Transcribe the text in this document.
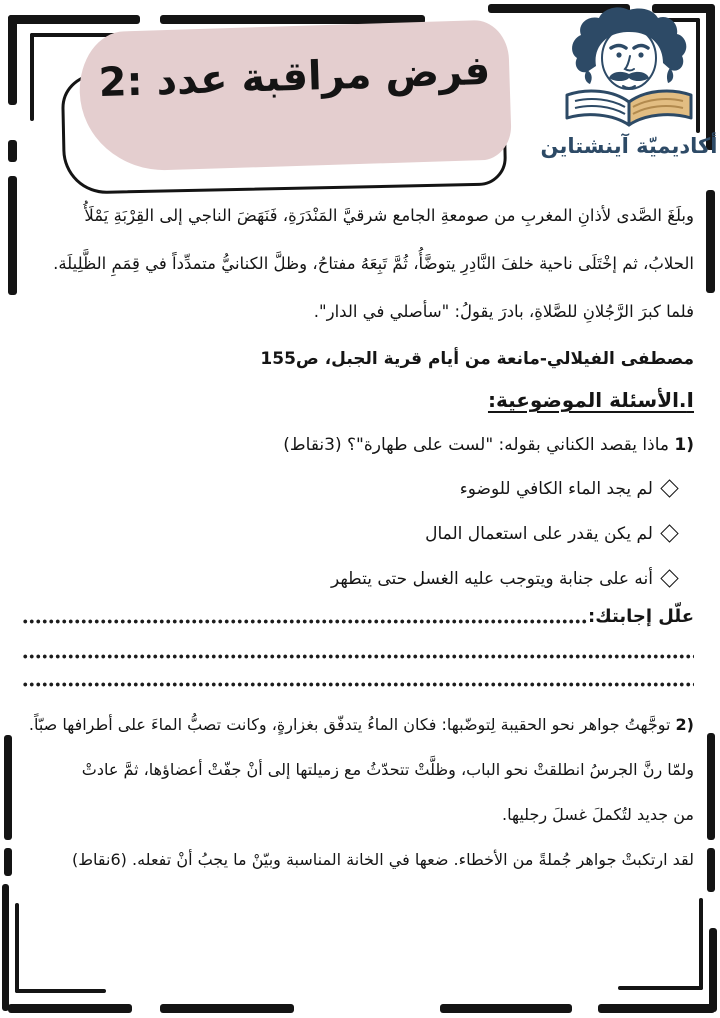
فرض مراقبة عدد :2
أكاديميّة آينشتاين
وبلَغَ الصَّدى لأذانِ المغربِ من صومعةِ الجامع شرقيَّ المَنْدَرَةِ، فَنَهَضَ الناجي إلى القِرْبَةِ يَمْلَأُ
الحلابُ، ثم إخْتَلَى ناحية خلفَ النَّادِرِ يتوضَّأُ، ثُمَّ تَبِعَهُ مفتاحُ، وظلَّ الكنانيُّ متمدِّداً في قِمَمِ الظَّلِيلَة.
فلما كبرَ الرَّجُلانِ للصَّلاةِ، بادرَ يقولُ: "سأصلي في الدار".
مصطفى الفيلالي-مانعة من أيام قرية الجبل، ص155
I.الأسئلة الموضوعية:
1) ماذا يقصد الكناني بقوله: "لست على طهارة"؟ (3نقاط)
لم يجد الماء الكافي للوضوء
لم يكن يقدر على استعمال المال
أنه على جنابة ويتوجب عليه الغسل حتى يتطهر
علّل إجابتك:
2) توجَّهتُ جواهر نحو الحقيبة لِتوضّبها: فكان الماءُ يتدفّق بغزارةٍ، وكانت تصبُّ الماءَ على أطرافها صبّاً.
ولمّا رنَّ الجرسُ انطلقتْ نحو الباب، وظلَّتْ تتحدّثُ مع زميلتها إلى أنْ جفّتْ أعضاؤها، ثمَّ عادتْ
من جديد لتُكملَ غسلَ رجليها.
لقد ارتكبتْ جواهر جُملةً من الأخطاء. ضعها في الخانة المناسبة وبيّنْ ما يجبُ أنْ تفعله. (6نقاط)
